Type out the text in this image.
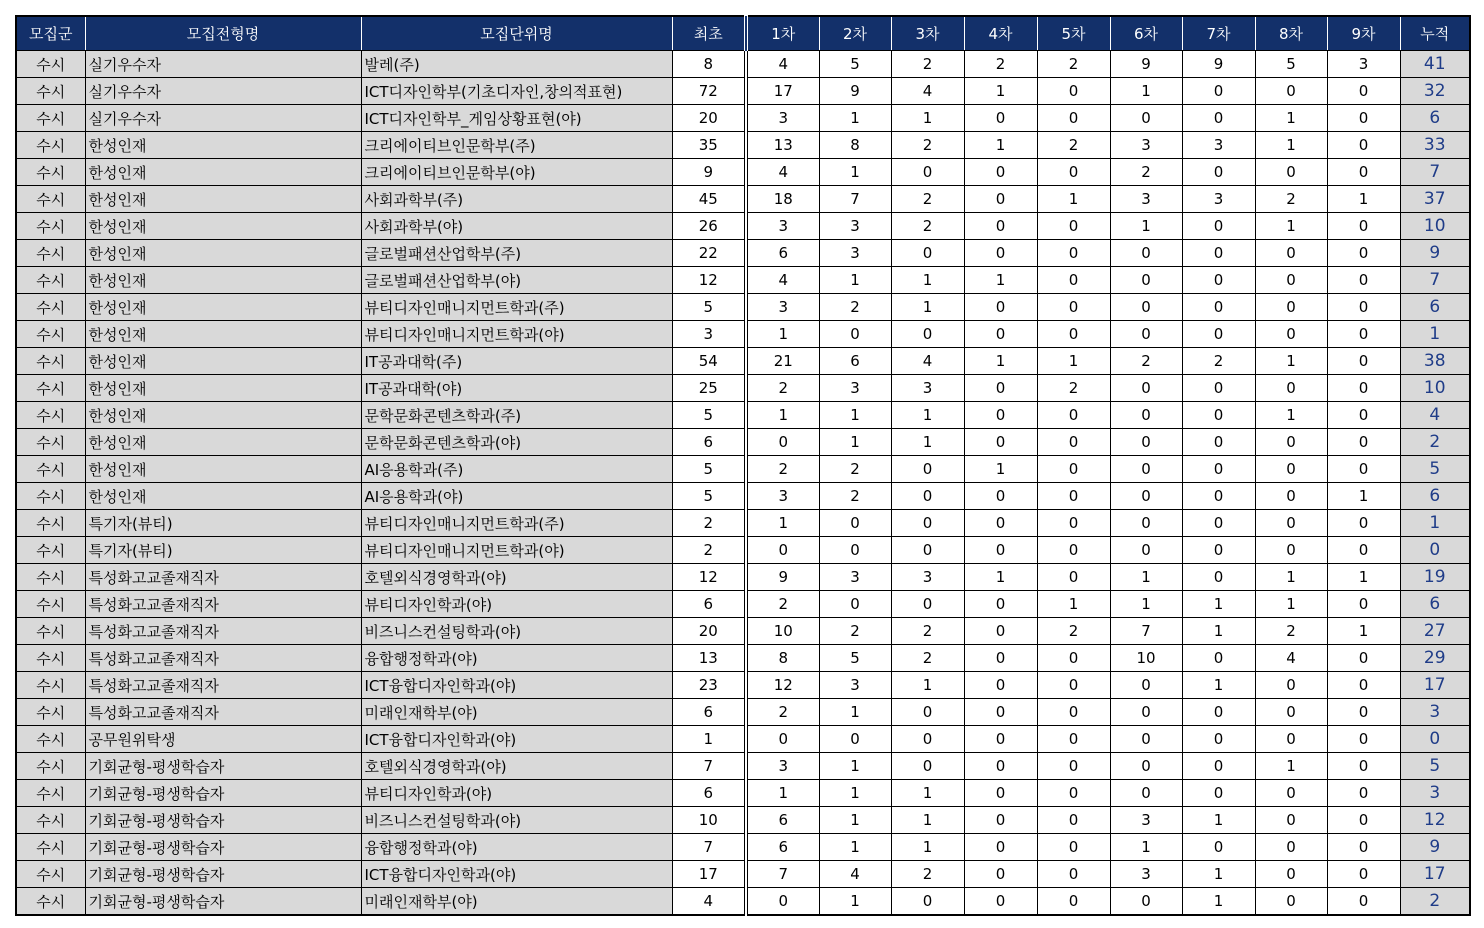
모집군	모집전형명	모집단위명	최초	1차	2차	3차	4차	5차	6차	7차	8차	9차	누적
수시	실기우수자	발레(주)	8	4	5	2	2	2	9	9	5	3	41
수시	실기우수자	ICT디자인학부(기초디자인,창의적표현)	72	17	9	4	1	0	1	0	0	0	32
수시	실기우수자	ICT디자인학부_게임상황표현(야)	20	3	1	1	0	0	0	0	1	0	6
수시	한성인재	크리에이티브인문학부(주)	35	13	8	2	1	2	3	3	1	0	33
수시	한성인재	크리에이티브인문학부(야)	9	4	1	0	0	0	2	0	0	0	7
수시	한성인재	사회과학부(주)	45	18	7	2	0	1	3	3	2	1	37
수시	한성인재	사회과학부(야)	26	3	3	2	0	0	1	0	1	0	10
수시	한성인재	글로벌패션산업학부(주)	22	6	3	0	0	0	0	0	0	0	9
수시	한성인재	글로벌패션산업학부(야)	12	4	1	1	1	0	0	0	0	0	7
수시	한성인재	뷰티디자인매니지먼트학과(주)	5	3	2	1	0	0	0	0	0	0	6
수시	한성인재	뷰티디자인매니지먼트학과(야)	3	1	0	0	0	0	0	0	0	0	1
수시	한성인재	IT공과대학(주)	54	21	6	4	1	1	2	2	1	0	38
수시	한성인재	IT공과대학(야)	25	2	3	3	0	2	0	0	0	0	10
수시	한성인재	문학문화콘텐츠학과(주)	5	1	1	1	0	0	0	0	1	0	4
수시	한성인재	문학문화콘텐츠학과(야)	6	0	1	1	0	0	0	0	0	0	2
수시	한성인재	AI응용학과(주)	5	2	2	0	1	0	0	0	0	0	5
수시	한성인재	AI응용학과(야)	5	3	2	0	0	0	0	0	0	1	6
수시	특기자(뷰티)	뷰티디자인매니지먼트학과(주)	2	1	0	0	0	0	0	0	0	0	1
수시	특기자(뷰티)	뷰티디자인매니지먼트학과(야)	2	0	0	0	0	0	0	0	0	0	0
수시	특성화고교졸재직자	호텔외식경영학과(야)	12	9	3	3	1	0	1	0	1	1	19
수시	특성화고교졸재직자	뷰티디자인학과(야)	6	2	0	0	0	1	1	1	1	0	6
수시	특성화고교졸재직자	비즈니스컨설팅학과(야)	20	10	2	2	0	2	7	1	2	1	27
수시	특성화고교졸재직자	융합행정학과(야)	13	8	5	2	0	0	10	0	4	0	29
수시	특성화고교졸재직자	ICT융합디자인학과(야)	23	12	3	1	0	0	0	1	0	0	17
수시	특성화고교졸재직자	미래인재학부(야)	6	2	1	0	0	0	0	0	0	0	3
수시	공무원위탁생	ICT융합디자인학과(야)	1	0	0	0	0	0	0	0	0	0	0
수시	기회균형-평생학습자	호텔외식경영학과(야)	7	3	1	0	0	0	0	0	1	0	5
수시	기회균형-평생학습자	뷰티디자인학과(야)	6	1	1	1	0	0	0	0	0	0	3
수시	기회균형-평생학습자	비즈니스컨설팅학과(야)	10	6	1	1	0	0	3	1	0	0	12
수시	기회균형-평생학습자	융합행정학과(야)	7	6	1	1	0	0	1	0	0	0	9
수시	기회균형-평생학습자	ICT융합디자인학과(야)	17	7	4	2	0	0	3	1	0	0	17
수시	기회균형-평생학습자	미래인재학부(야)	4	0	1	0	0	0	0	1	0	0	2
